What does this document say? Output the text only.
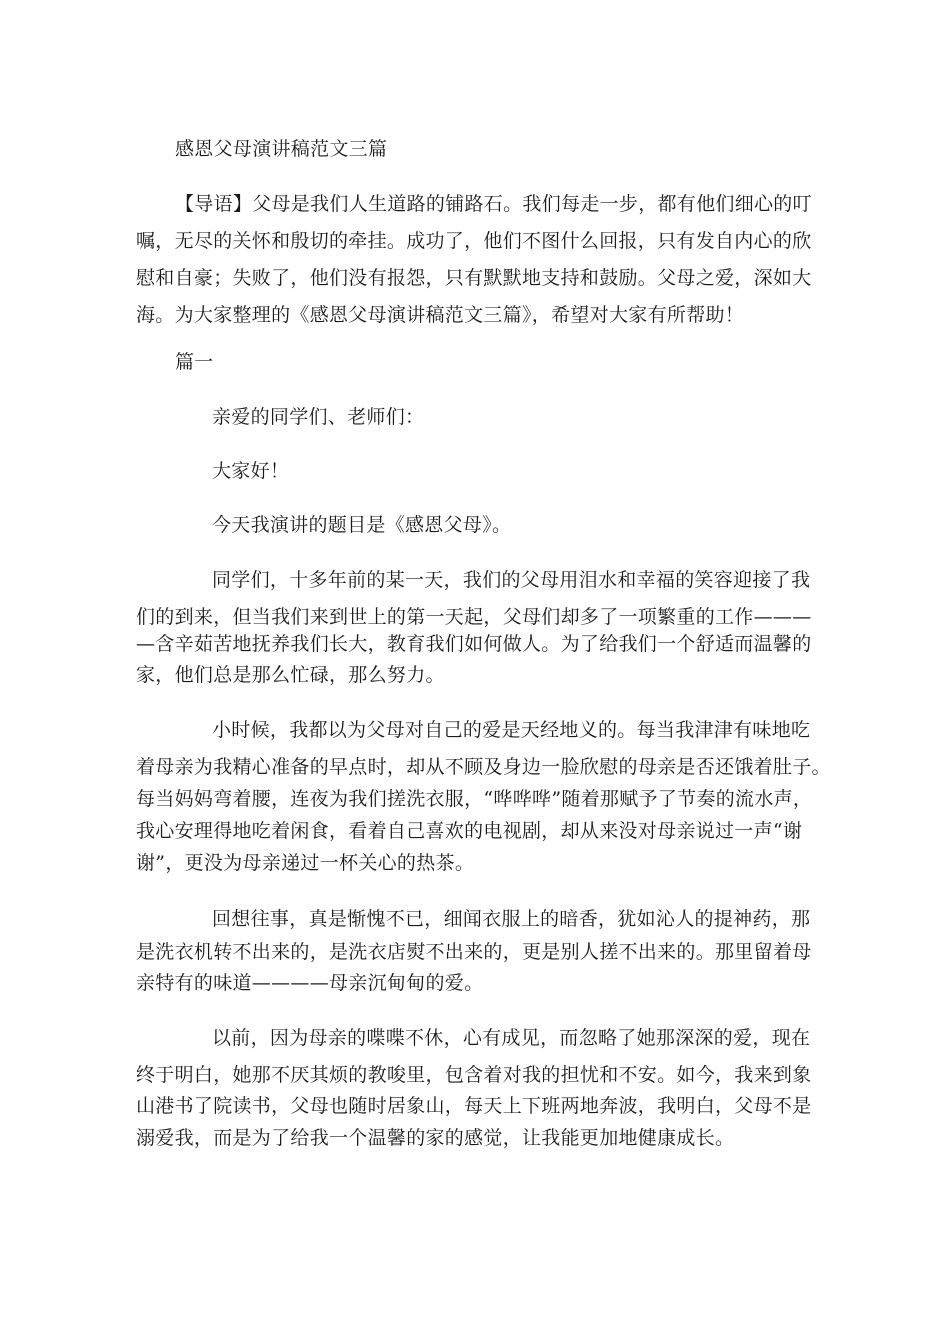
感恩父母演讲稿范文三篇
【导语】父母是我们人生道路的铺路石。我们每走一步，都有他们细心的叮
嘱，无尽的关怀和殷切的牵挂。成功了，他们不图什么回报，只有发自内心的欣
慰和自豪；失败了，他们没有报怨，只有默默地支持和鼓励。父母之爱，深如大
海。为大家整理的《感恩父母演讲稿范文三篇》，希望对大家有所帮助！
篇一
亲爱的同学们、老师们：
大家好！
今天我演讲的题目是《感恩父母》。
同学们，十多年前的某一天，我们的父母用泪水和幸福的笑容迎接了我
们的到来，但当我们来到世上的第一天起，父母们却多了一项繁重的工作———
—含辛茹苦地抚养我们长大，教育我们如何做人。为了给我们一个舒适而温馨的
家，他们总是那么忙碌，那么努力。
小时候，我都以为父母对自己的爱是天经地义的。每当我津津有味地吃
着母亲为我精心准备的早点时，却从不顾及身边一脸欣慰的母亲是否还饿着肚子。
每当妈妈弯着腰，连夜为我们搓洗衣服，“哗哗哗”随着那赋予了节奏的流水声，
我心安理得地吃着闲食，看着自己喜欢的电视剧，却从来没对母亲说过一声“谢
谢”，更没为母亲递过一杯关心的热茶。
回想往事，真是惭愧不已，细闻衣服上的暗香，犹如沁人的提神药，那
是洗衣机转不出来的，是洗衣店熨不出来的，更是别人搓不出来的。那里留着母
亲特有的味道————母亲沉甸甸的爱。
以前，因为母亲的喋喋不休，心有成见，而忽略了她那深深的爱，现在
终于明白，她那不厌其烦的教唆里，包含着对我的担忧和不安。如今，我来到象
山港书了院读书，父母也随时居象山，每天上下班两地奔波，我明白，父母不是
溺爱我，而是为了给我一个温馨的家的感觉，让我能更加地健康成长。
